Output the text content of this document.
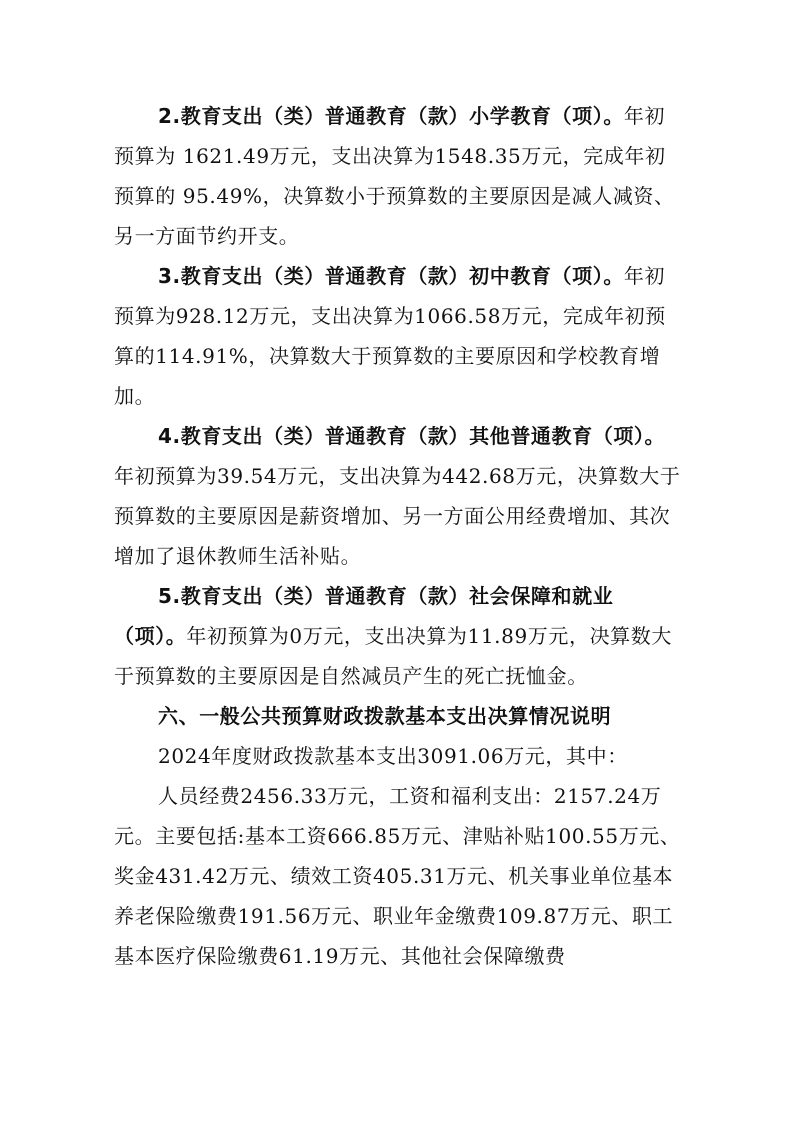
2.教育支出（类）普通教育（款）小学教育（项）。年初预算为 1621.49万元，支出决算为1548.35万元，完成年初预算的 95.49%，决算数小于预算数的主要原因是减人减资、另一方面节约开支。

3.教育支出（类）普通教育（款）初中教育（项）。年初预算为928.12万元，支出决算为1066.58万元，完成年初预算的114.91%，决算数大于预算数的主要原因和学校教育增加。

4.教育支出（类）普通教育（款）其他普通教育（项）。年初预算为39.54万元，支出决算为442.68万元，决算数大于预算数的主要原因是薪资增加、另一方面公用经费增加、其次增加了退休教师生活补贴。

5.教育支出（类）普通教育（款）社会保障和就业（项）。年初预算为0万元，支出决算为11.89万元，决算数大于预算数的主要原因是自然减员产生的死亡抚恤金。

六、一般公共预算财政拨款基本支出决算情况说明

2024年度财政拨款基本支出3091.06万元，其中：

人员经费2456.33万元，工资和福利支出：2157.24万元。主要包括:基本工资666.85万元、津贴补贴100.55万元、奖金431.42万元、绩效工资405.31万元、机关事业单位基本养老保险缴费191.56万元、职业年金缴费109.87万元、职工基本医疗保险缴费61.19万元、其他社会保障缴费
